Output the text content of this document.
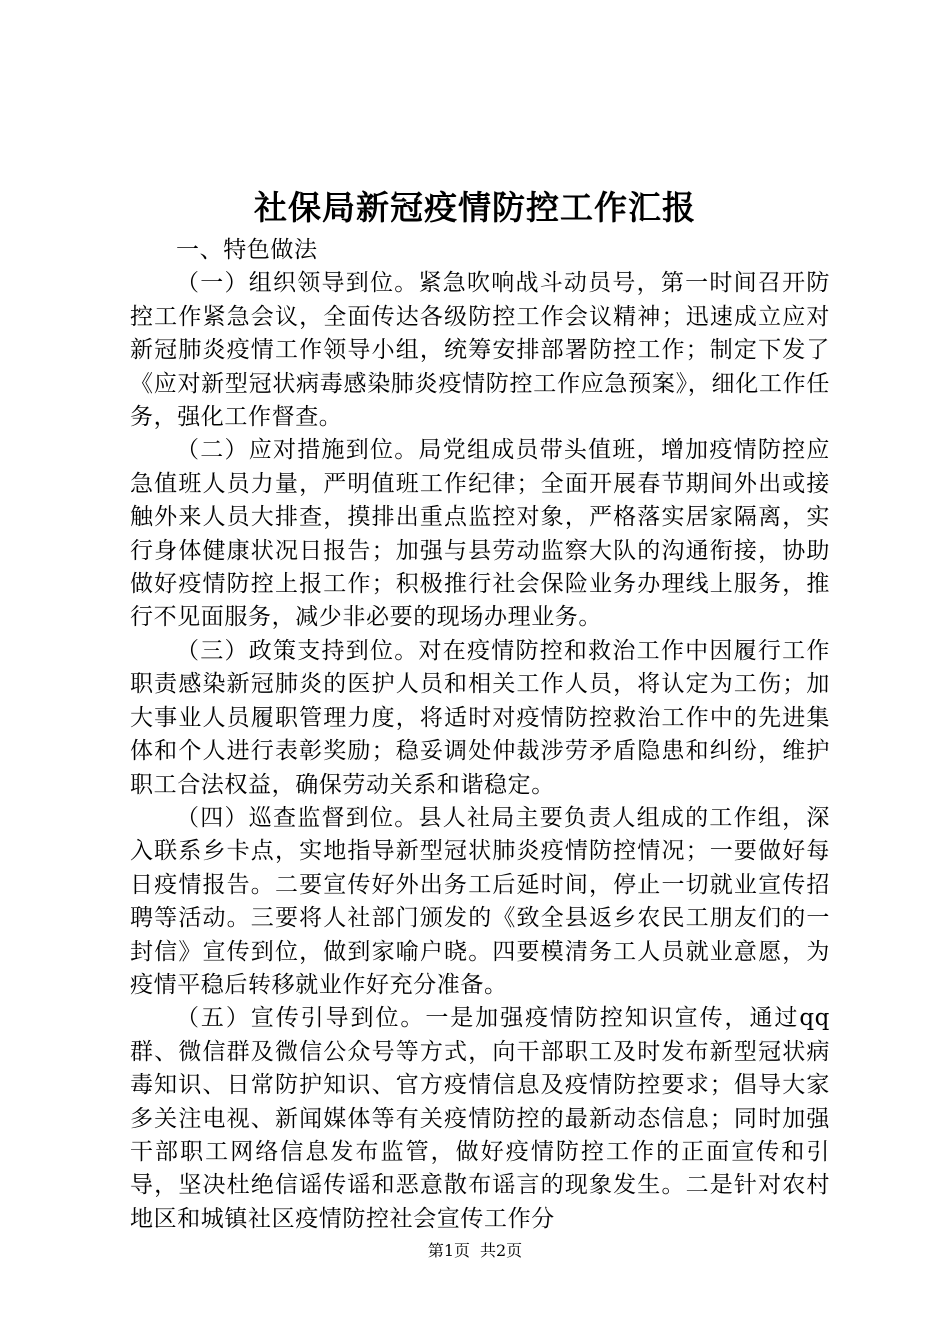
社保局新冠疫情防控工作汇报

一、特色做法

（一）组织领导到位。紧急吹响战斗动员号，第一时间召开防控工作紧急会议，全面传达各级防控工作会议精神；迅速成立应对新冠肺炎疫情工作领导小组，统筹安排部署防控工作；制定下发了《应对新型冠状病毒感染肺炎疫情防控工作应急预案》，细化工作任务，强化工作督查。

（二）应对措施到位。局党组成员带头值班，增加疫情防控应急值班人员力量，严明值班工作纪律；全面开展春节期间外出或接触外来人员大排查，摸排出重点监控对象，严格落实居家隔离，实行身体健康状况日报告；加强与县劳动监察大队的沟通衔接，协助做好疫情防控上报工作；积极推行社会保险业务办理线上服务，推行不见面服务，减少非必要的现场办理业务。

（三）政策支持到位。对在疫情防控和救治工作中因履行工作职责感染新冠肺炎的医护人员和相关工作人员，将认定为工伤；加大事业人员履职管理力度，将适时对疫情防控救治工作中的先进集体和个人进行表彰奖励；稳妥调处仲裁涉劳矛盾隐患和纠纷，维护职工合法权益，确保劳动关系和谐稳定。

（四）巡查监督到位。县人社局主要负责人组成的工作组，深入联系乡卡点，实地指导新型冠状肺炎疫情防控情况；一要做好每日疫情报告。二要宣传好外出务工后延时间，停止一切就业宣传招聘等活动。三要将人社部门颁发的《致全县返乡农民工朋友们的一封信》宣传到位，做到家喻户晓。四要模清务工人员就业意愿，为疫情平稳后转移就业作好充分准备。

（五）宣传引导到位。一是加强疫情防控知识宣传，通过qq群、微信群及微信公众号等方式，向干部职工及时发布新型冠状病毒知识、日常防护知识、官方疫情信息及疫情防控要求；倡导大家多关注电视、新闻媒体等有关疫情防控的最新动态信息；同时加强干部职工网络信息发布监管，做好疫情防控工作的正面宣传和引导，坚决杜绝信谣传谣和恶意散布谣言的现象发生。二是针对农村地区和城镇社区疫情防控社会宣传工作分

第1页 共2页
